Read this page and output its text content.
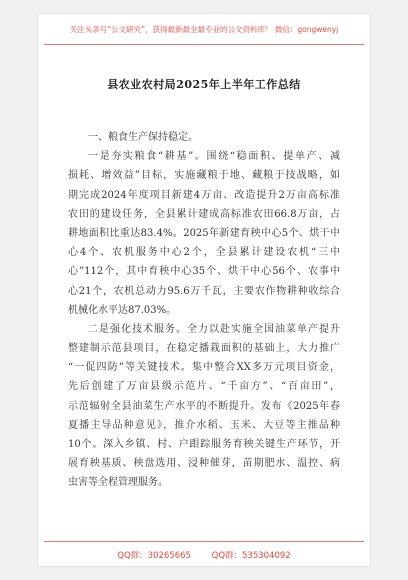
关注头条号“公文研究”，获得最新最全最专业的公文资料库！ 微信：gongwenyj
县农业农村局2025年上半年工作总结
一、粮食生产保持稳定。
一是夯实粮食“耕基”。围绕“稳面积、提单产、减
损耗、增效益”目标，实施藏粮于地、藏粮于技战略，如
期完成2024年度项目新建4万亩、改造提升2万亩高标准
农田的建设任务，全县累计建成高标准农田66.8万亩，占
耕地面积比重达83.4%。2025年新建育秧中心5个、烘干中
心4个、农机服务中心2个，全县累计建设农机“三中
心”112个，其中育秧中心35个、烘干中心56个、农事中
心21个，农机总动力95.6万千瓦，主要农作物耕种收综合
机械化水平达87.03%。
二是强化技术服务。全力以赴实施全国油菜单产提升
整建制示范县项目，在稳定播栽面积的基础上，大力推广
“一促四防”等关键技术。集中整合XX多万元项目资金，
先后创建了万亩县级示范片、“千亩方”、“百亩田”，
示范辐射全县油菜生产水平的不断提升。发布《2025年春
夏播主导品种意见》，推介水稻、玉米、大豆等主推品种
10个。深入乡镇、村、户跟踪服务育秧关键生产环节，开
展育秧基质、秧盘选用、浸种催芽，苗期肥水、温控、病
虫害等全程管理服务。
QQ群：30265665 QQ群：535304092
